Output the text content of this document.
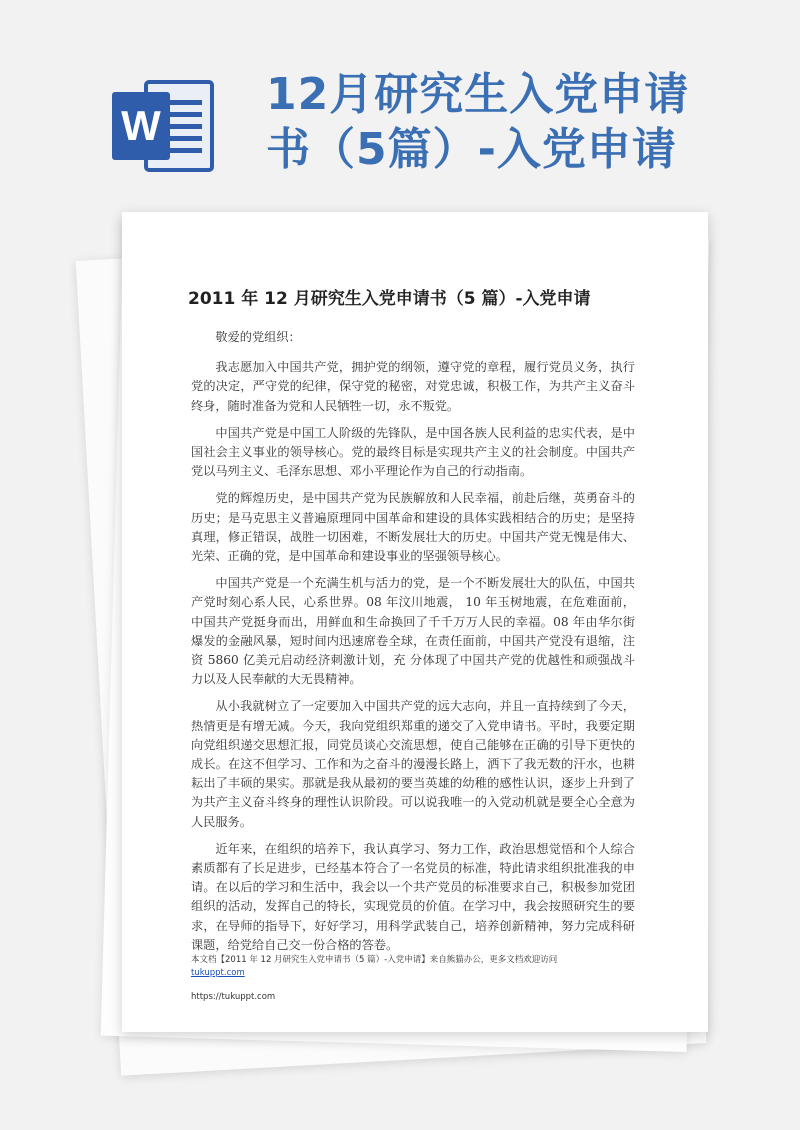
W
12月研究生入党申请
书（5篇）-入党申请
2011 年 12 月研究生入党申请书（5 篇）-入党申请

敬爱的党组织：

我志愿加入中国共产党，拥护党的纲领，遵守党的章程，履行党员义务，执行党的决定，严守党的纪律，保守党的秘密，对党忠诚，积极工作，为共产主义奋斗终身，随时准备为党和人民牺牲一切，永不叛党。

中国共产党是中国工人阶级的先锋队，是中国各族人民利益的忠实代表，是中国社会主义事业的领导核心。党的最终目标是实现共产主义的社会制度。中国共产党以马列主义、毛泽东思想、邓小平理论作为自己的行动指南。

党的辉煌历史，是中国共产党为民族解放和人民幸福，前赴后继，英勇奋斗的历史；是马克思主义普遍原理同中国革命和建设的具体实践相结合的历史；是坚持真理，修正错误，战胜一切困难，不断发展壮大的历史。中国共产党无愧是伟大、光荣、正确的党，是中国革命和建设事业的坚强领导核心。

中国共产党是一个充满生机与活力的党，是一个不断发展壮大的队伍，中国共产党时刻心系人民，心系世界。08 年汶川地震， 10 年玉树地震，在危难面前，中国共产党挺身而出，用鲜血和生命换回了千千万万人民的幸福。08 年由华尔街爆发的金融风暴，短时间内迅速席卷全球，在责任面前，中国共产党没有退缩，注资 5860 亿美元启动经济刺激计划，充 分体现了中国共产党的优越性和顽强战斗力以及人民奉献的大无畏精神。

从小我就树立了一定要加入中国共产党的远大志向，并且一直持续到了今天，热情更是有增无减。今天，我向党组织郑重的递交了入党申请书。平时，我要定期向党组织递交思想汇报，同党员谈心交流思想，使自己能够在正确的引导下更快的成长。在这不但学习、工作和为之奋斗的漫漫长路上，洒下了我无数的汗水，也耕耘出了丰硕的果实。那就是我从最初的要当英雄的幼稚的感性认识，逐步上升到了为共产主义奋斗终身的理性认识阶段。可以说我唯一的入党动机就是要全心全意为人民服务。

近年来，在组织的培养下，我认真学习、努力工作，政治思想觉悟和个人综合素质都有了长足进步，已经基本符合了一名党员的标准，特此请求组织批准我的申请。在以后的学习和生活中，我会以一个共产党员的标准要求自己，积极参加党团组织的活动，发挥自己的特长，实现党员的价值。在学习中，我会按照研究生的要求，在导师的指导下，好好学习，用科学武装自己，培养创新精神，努力完成科研课题，给党给自己交一份合格的答卷。

本文档【2011 年 12 月研究生入党申请书（5 篇）-入党申请】来自熊猫办公，更多文档欢迎访问
tukuppt.com
https://tukuppt.com
